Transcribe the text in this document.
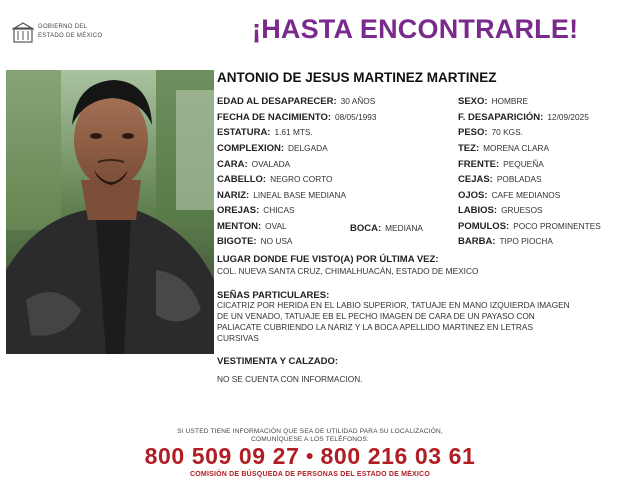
GOBIERNO DEL
ESTADO DE MÉXICO	¡HASTA ENCONTRARLE!
ANTONIO DE JESUS MARTINEZ MARTINEZ
EDAD AL DESAPARECER: 30 AÑOS
FECHA DE NACIMIENTO: 08/05/1993
ESTATURA: 1.61 MTS.
COMPLEXION: DELGADA
CARA: OVALADA
CABELLO: NEGRO CORTO
NARIZ: LINEAL BASE MEDIANA
OREJAS: CHICAS
MENTON: OVAL	BOCA: MEDIANA
BIGOTE: NO USA
SEXO: HOMBRE
F. DESAPARICIÓN: 12/09/2025
PESO: 70 KGS.
TEZ: MORENA CLARA
FRENTE: PEQUEÑA
CEJAS: POBLADAS
OJOS: CAFE MEDIANOS
LABIOS: GRUESOS
POMULOS: POCO PROMINENTES
BARBA: TIPO PIOCHA
LUGAR DONDE FUE VISTO(A) POR ÚLTIMA VEZ:
COL. NUEVA SANTA CRUZ, CHIMALHUACÁN, ESTADO DE MEXICO
SEÑAS PARTICULARES:
CICATRIZ POR HERIDA EN EL LABIO SUPERIOR, TATUAJE EN MANO IZQUIERDA IMAGEN
DE UN VENADO, TATUAJE EB EL PECHO IMAGEN DE CARA DE UN PAYASO CON
PALIACATE CUBRIENDO LA NARIZ Y LA BOCA APELLIDO MARTINEZ EN LETRAS
CURSIVAS
VESTIMENTA Y CALZADO:
NO SE CUENTA CON INFORMACION.
SI USTED TIENE INFORMACIÓN QUE SEA DE UTILIDAD PARA SU LOCALIZACIÓN,
COMUNÍQUESE A LOS TELÉFONOS:
800 509 09 27 ● 800 216 03 61
COMISIÓN DE BÚSQUEDA DE PERSONAS DEL ESTADO DE MÉXICO
